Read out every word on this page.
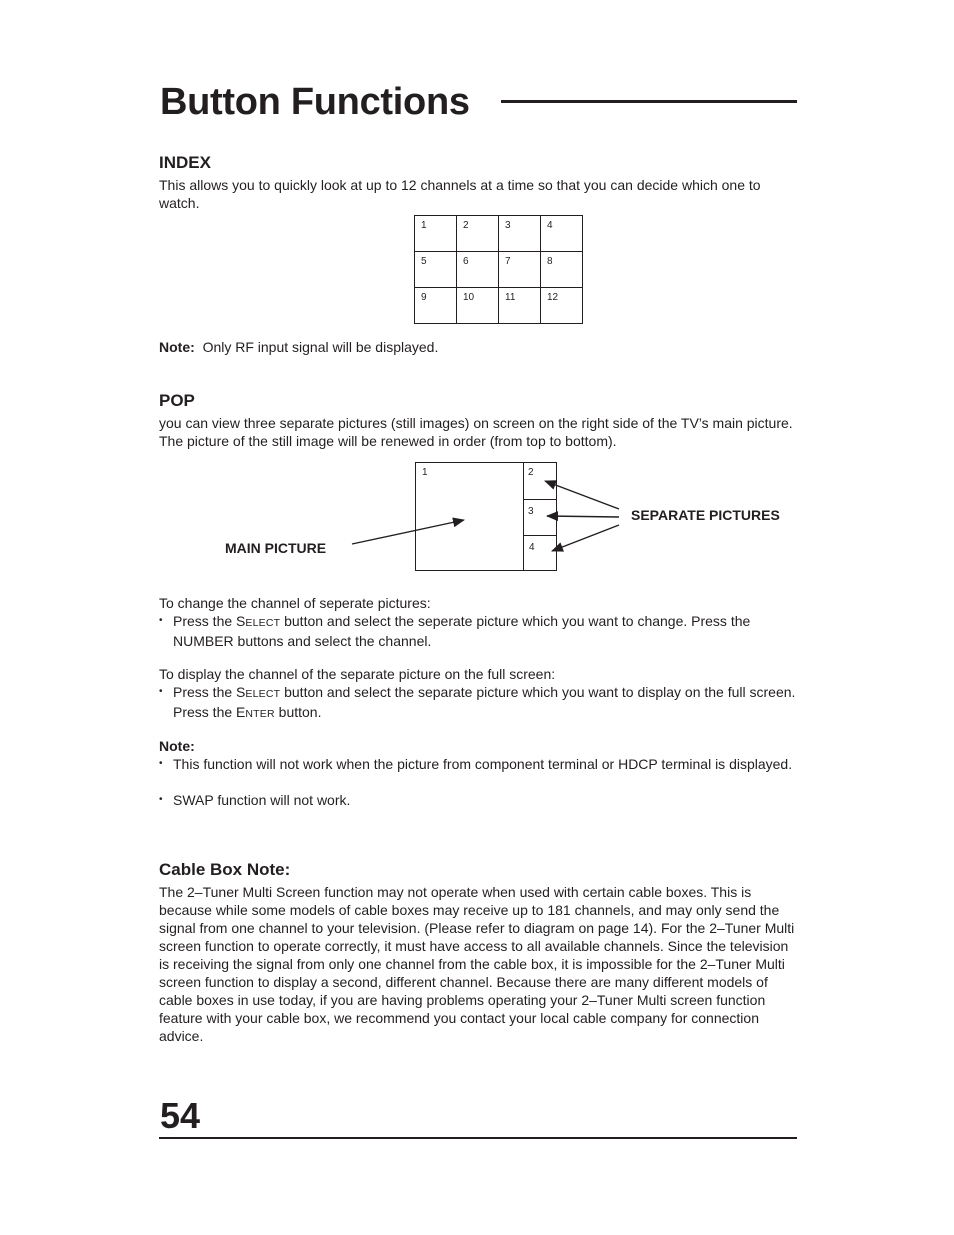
Button Functions
INDEX

This allows you to quickly look at up to 12 channels at a time so that you can decide which one to watch.

1	2	3	4
5	6	7	8
9	10	11	12

Note: Only RF input signal will be displayed.

POP

you can view three separate pictures (still images) on screen on the right side of the TV’s main picture. The picture of the still image will be renewed in order (from top to bottom).

1	2
3
4
MAIN PICTURE
SEPARATE PICTURES

To change the channel of seperate pictures:

• Press the SELECT button and select the seperate picture which you want to change. Press the NUMBER buttons and select the channel.

To display the channel of the separate picture on the full screen:

• Press the SELECT button and select the separate picture which you want to display on the full screen. Press the ENTER button.

Note:

• This function will not work when the picture from component terminal or HDCP terminal is displayed.

• SWAP function will not work.

Cable Box Note:

The 2–Tuner Multi Screen function may not operate when used with certain cable boxes. This is because while some models of cable boxes may receive up to 181 channels, and may only send the signal from one channel to your television. (Please refer to diagram on page 14). For the 2–Tuner Multi screen function to operate correctly, it must have access to all available channels. Since the television is receiving the signal from only one channel from the cable box, it is impossible for the 2–Tuner Multi screen function to display a second, different channel. Because there are many different models of cable boxes in use today, if you are having problems operating your 2–Tuner Multi screen function feature with your cable box, we recommend you contact your local cable company for connection advice.

54
